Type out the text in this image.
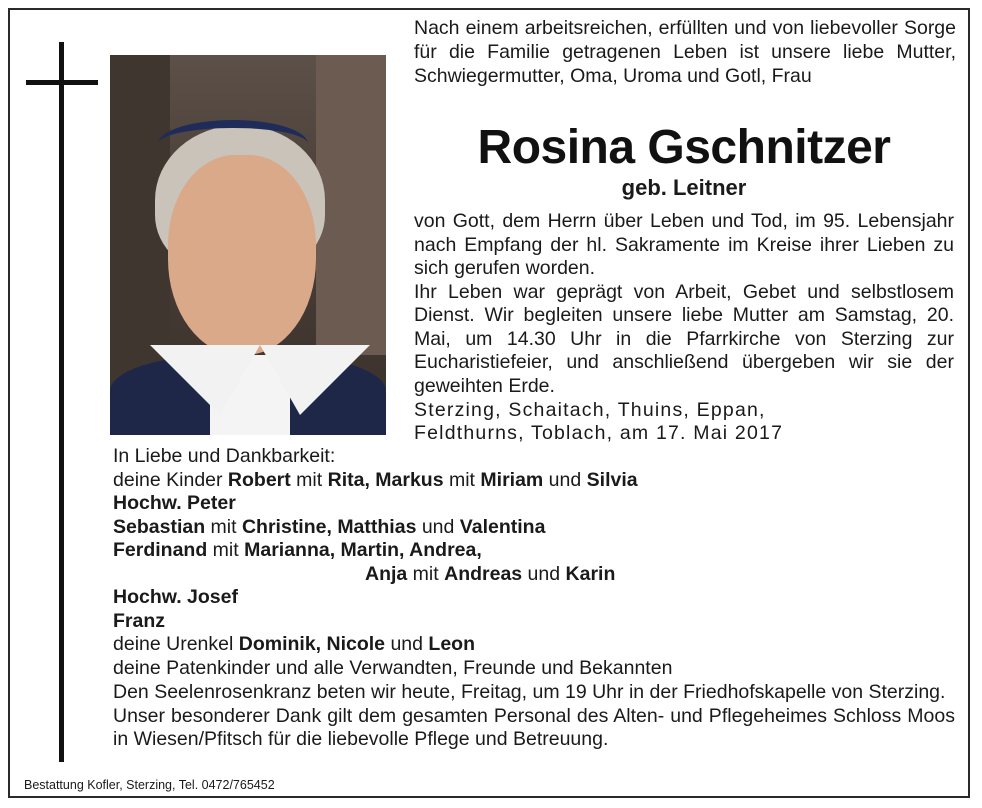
Nach einem arbeitsreichen, erfüllten und von liebevoller Sorge für die Familie getragenen Leben ist unsere liebe Mutter, Schwiegermutter, Oma, Uroma und Gotl, Frau
Rosina Gschnitzer
geb. Leitner
von Gott, dem Herrn über Leben und Tod, im 95. Lebensjahr nach Empfang der hl. Sakramente im Kreise ihrer Lieben zu sich gerufen worden.
Ihr Leben war geprägt von Arbeit, Gebet und selbstlosem Dienst. Wir begleiten unsere liebe Mutter am Samstag, 20. Mai, um 14.30 Uhr in die Pfarrkirche von Sterzing zur Eucharistiefeier, und anschließend übergeben wir sie der geweihten Erde.
Sterzing, Schaitach, Thuins, Eppan,
Feldthurns, Toblach, am 17. Mai 2017
In Liebe und Dankbarkeit:
deine Kinder Robert mit Rita, Markus mit Miriam und Silvia
Hochw. Peter
Sebastian mit Christine, Matthias und Valentina
Ferdinand mit Marianna, Martin, Andrea,
Anja mit Andreas und Karin
Hochw. Josef
Franz
deine Urenkel Dominik, Nicole und Leon
deine Patenkinder und alle Verwandten, Freunde und Bekannten
Den Seelenrosenkranz beten wir heute, Freitag, um 19 Uhr in der Friedhofskapelle von Sterzing.
Unser besonderer Dank gilt dem gesamten Personal des Alten- und Pflegeheimes Schloss Moos in Wiesen/Pfitsch für die liebevolle Pflege und Betreuung.
Bestattung Kofler, Sterzing, Tel. 0472/765452
